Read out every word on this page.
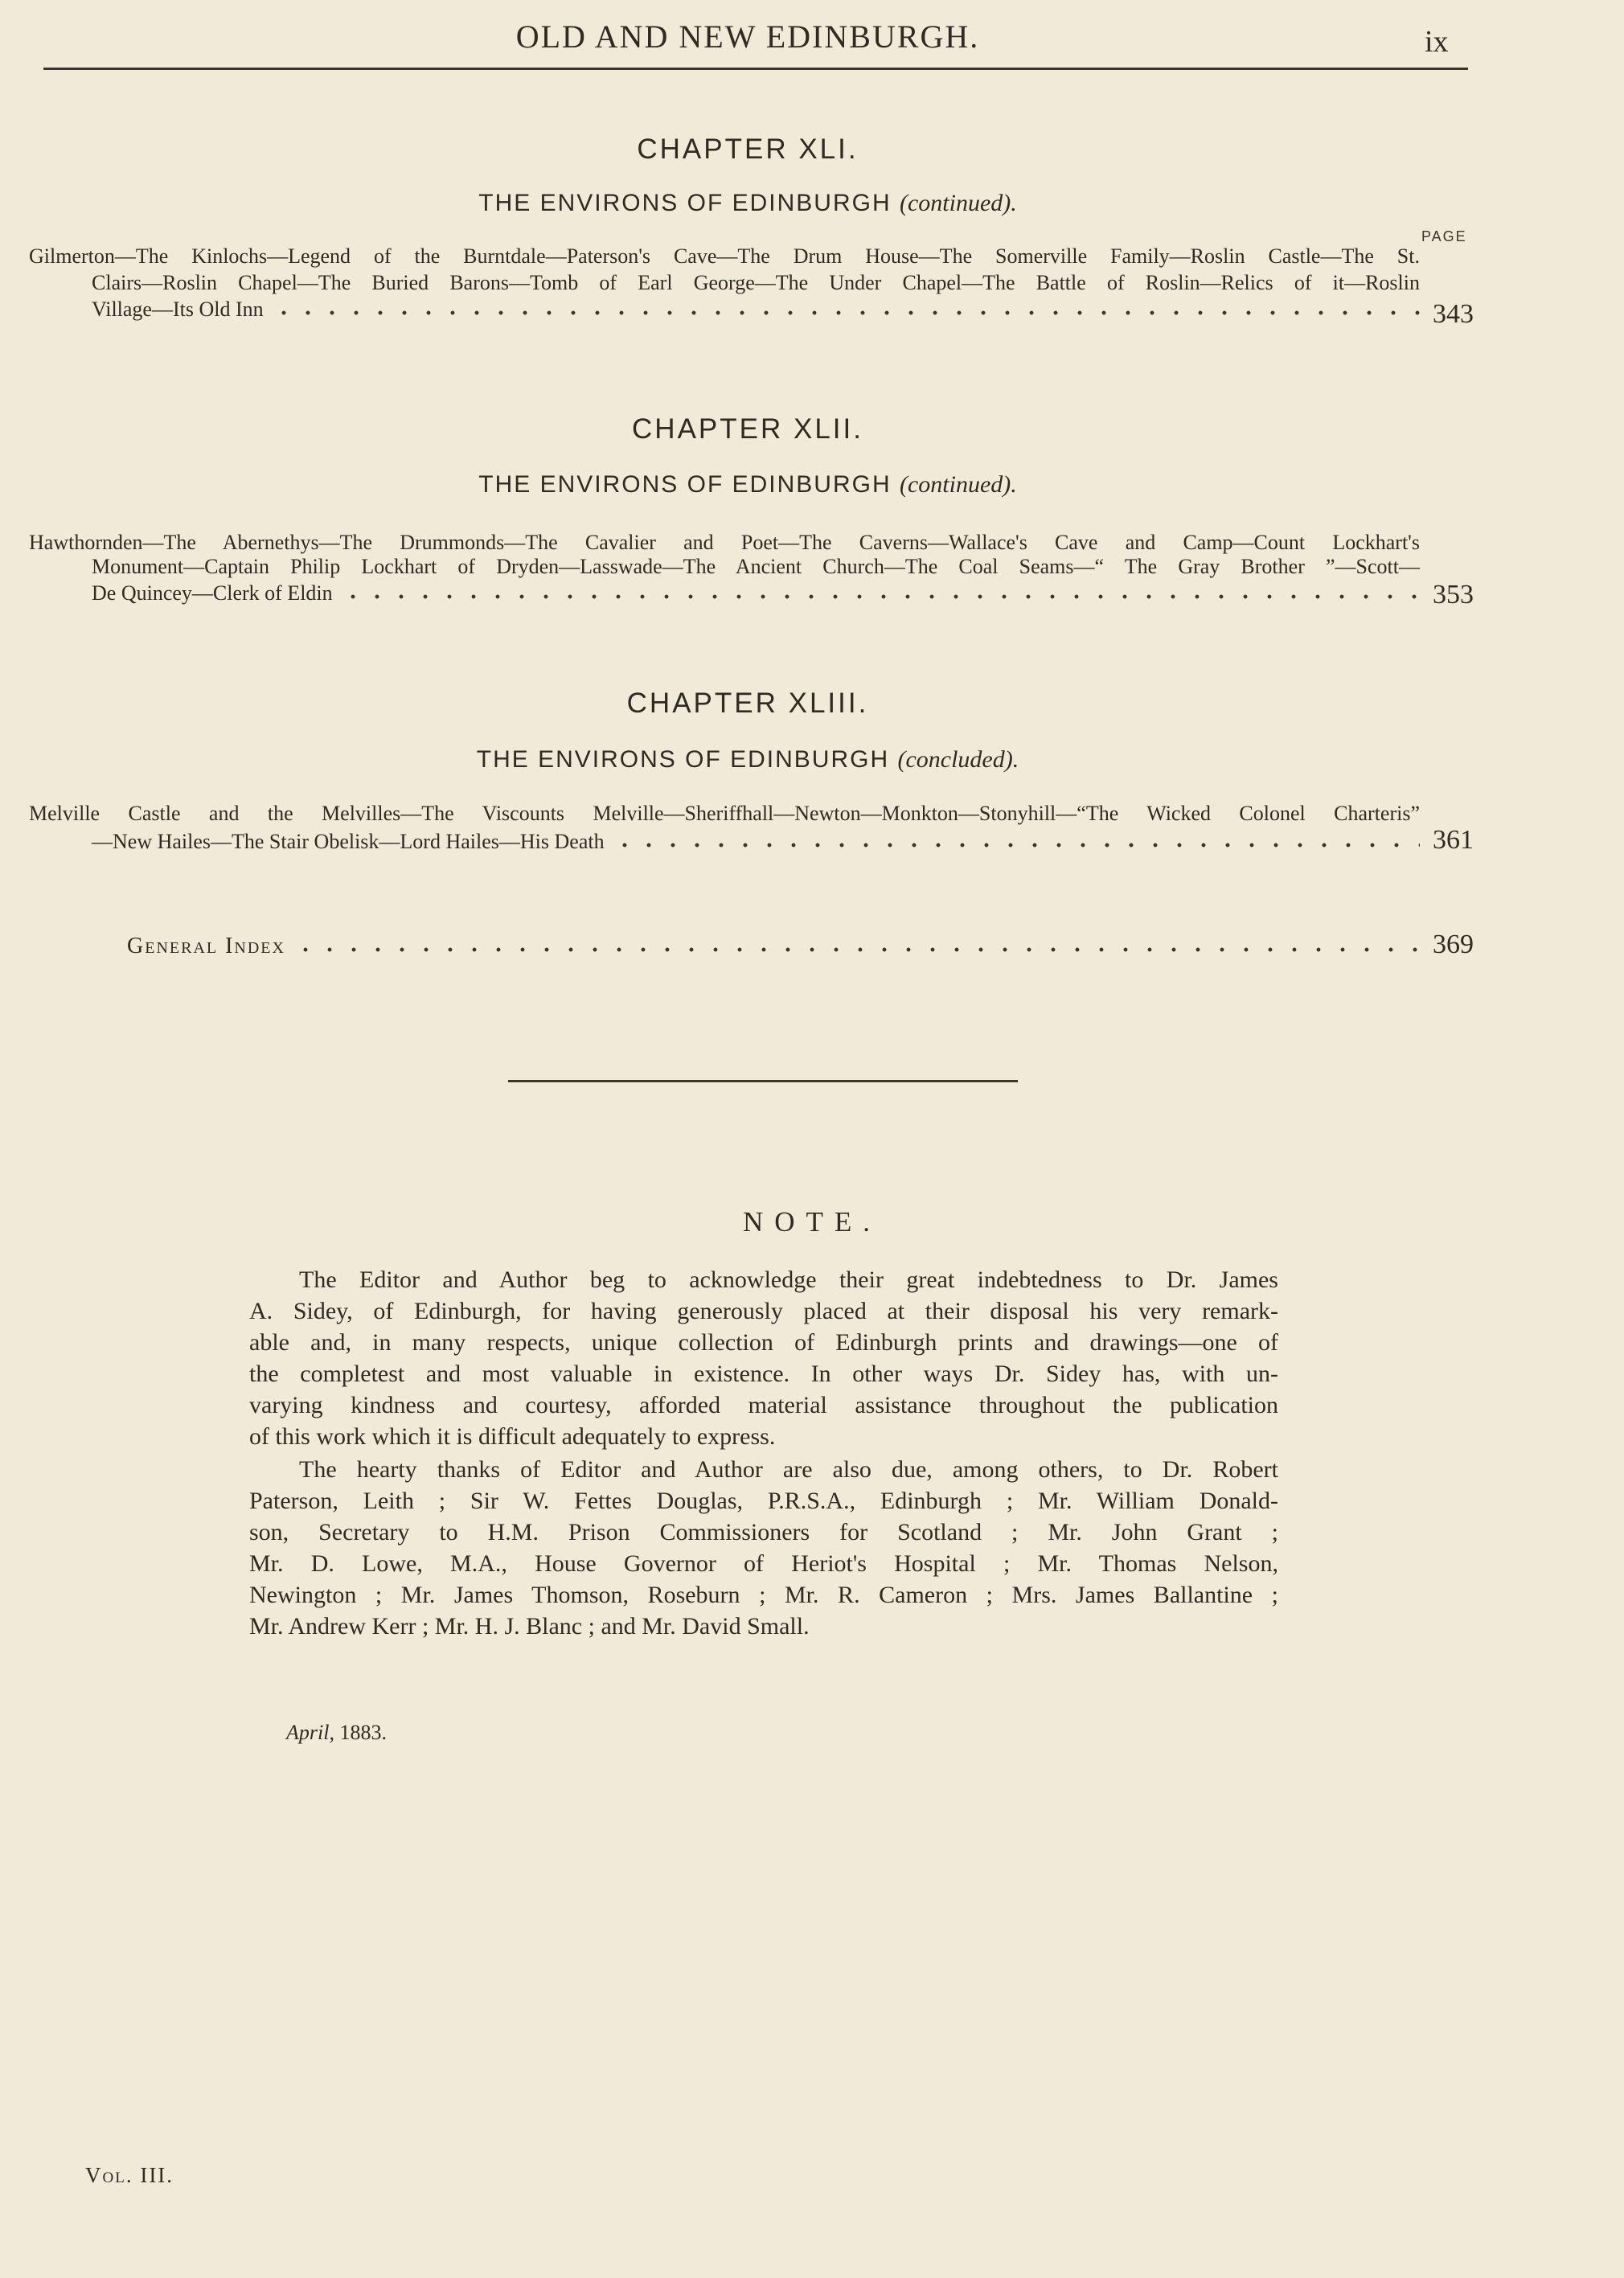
OLD AND NEW EDINBURGH.	ix
CHAPTER XLI.
THE ENVIRONS OF EDINBURGH (continued).
PAGE
Gilmerton—The Kinlochs—Legend of the Burntdale—Paterson's Cave—The Drum House—The Somerville Family—Roslin Castle—The St.
Clairs—Roslin Chapel—The Buried Barons—Tomb of Earl George—The Under Chapel—The Battle of Roslin—Relics of it—Roslin
Village—Its Old Inn	343
CHAPTER XLII.
THE ENVIRONS OF EDINBURGH (continued).
Hawthornden—The Abernethys—The Drummonds—The Cavalier and Poet—The Caverns—Wallace's Cave and Camp—Count Lockhart's
Monument—Captain Philip Lockhart of Dryden—Lasswade—The Ancient Church—The Coal Seams—“ The Gray Brother ”—Scott—
De Quincey—Clerk of Eldin	353
CHAPTER XLIII.
THE ENVIRONS OF EDINBURGH (concluded).
Melville Castle and the Melvilles—The Viscounts Melville—Sheriffhall—Newton—Monkton—Stonyhill—“The Wicked Colonel Charteris”
—New Hailes—The Stair Obelisk—Lord Hailes—His Death	361
General Index	369
NOTE.
The Editor and Author beg to acknowledge their great indebtedness to Dr. James
A. Sidey, of Edinburgh, for having generously placed at their disposal his very remark-
able and, in many respects, unique collection of Edinburgh prints and drawings—one of
the completest and most valuable in existence. In other ways Dr. Sidey has, with un-
varying kindness and courtesy, afforded material assistance throughout the publication
of this work which it is difficult adequately to express.
The hearty thanks of Editor and Author are also due, among others, to Dr. Robert
Paterson, Leith ; Sir W. Fettes Douglas, P.R.S.A., Edinburgh ; Mr. William Donald-
son, Secretary to H.M. Prison Commissioners for Scotland ; Mr. John Grant ;
Mr. D. Lowe, M.A., House Governor of Heriot's Hospital ; Mr. Thomas Nelson,
Newington ; Mr. James Thomson, Roseburn ; Mr. R. Cameron ; Mrs. James Ballantine ;
Mr. Andrew Kerr ; Mr. H. J. Blanc ; and Mr. David Small.
April, 1883.
Vol. III.
